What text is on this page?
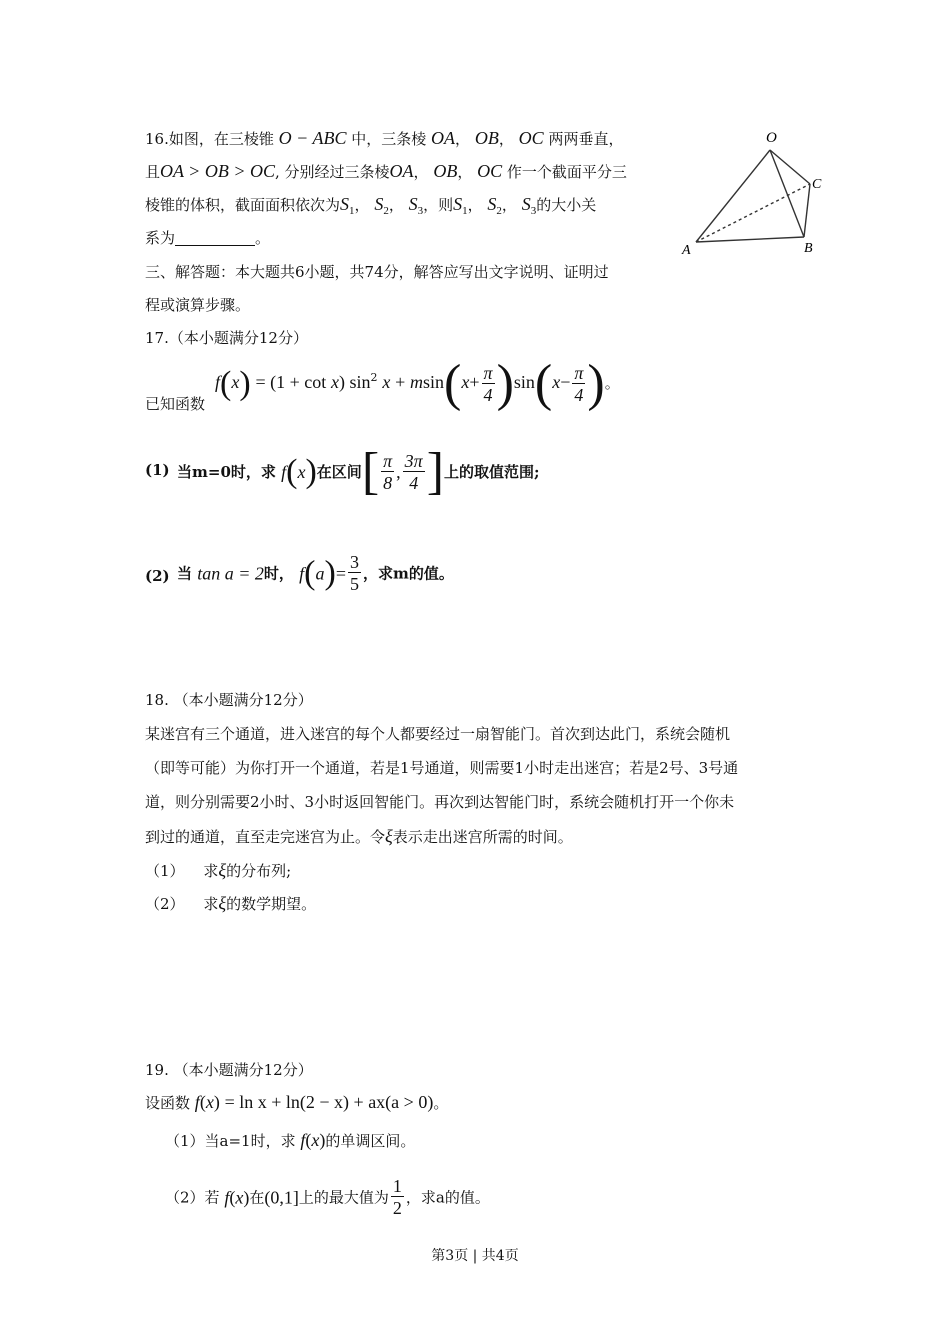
16.如图，在三棱锥 O − ABC 中，三条棱 OA， OB， OC 两两垂直，
且OA > OB > OC, 分别经过三条棱OA， OB， OC 作一个截面平分三
棱锥的体积，截面面积依次为$S_1$， $S_2$， $S_3$，则$S_1$， $S_2$， $S_3$的大小关
系为	。
O
A	B
C
三、解答题：本大题共6小题，共74分，解答应写出文字说明、证明过
程或演算步骤。
17.（本小题满分12分）
已知函数
f(x) = (1 + cot x) $\sin^2 x + msin(x+ \frac{\pi}{4} )\sin(x- \frac{\pi}{4}$ )。
(1) 当m=0时，求 f(x)在区间[ $\frac{\pi}{8}$ , $\frac{3\pi}{4}$ ]上的取值范围;
(2) 当 tan a = 2时， $f(a)= \frac{3}{5}$ ，求m的值。
18. （本小题满分12分）
某迷宫有三个通道，进入迷宫的每个人都要经过一扇智能门。首次到达此门，系统会随机
（即等可能）为你打开一个通道，若是1号通道，则需要1小时走出迷宫；若是2号、3号通
道，则分别需要2小时、3小时返回智能门。再次到达智能门时，系统会随机打开一个你未
到过的通道，直至走完迷宫为止。令ξ表示走出迷宫所需的时间。
（1） 求ξ的分布列;
（2） 求ξ的数学期望。
19. （本小题满分12分）
设函数 f(x) = ln x + ln(2 − x) + ax(a > 0)。
（1）当a=1时，求 f(x)的单调区间。
（2）若 f(x)在(0,1]上的最大值为 $\frac{1}{2}$ ，求a的值。
第3页 | 共4页
